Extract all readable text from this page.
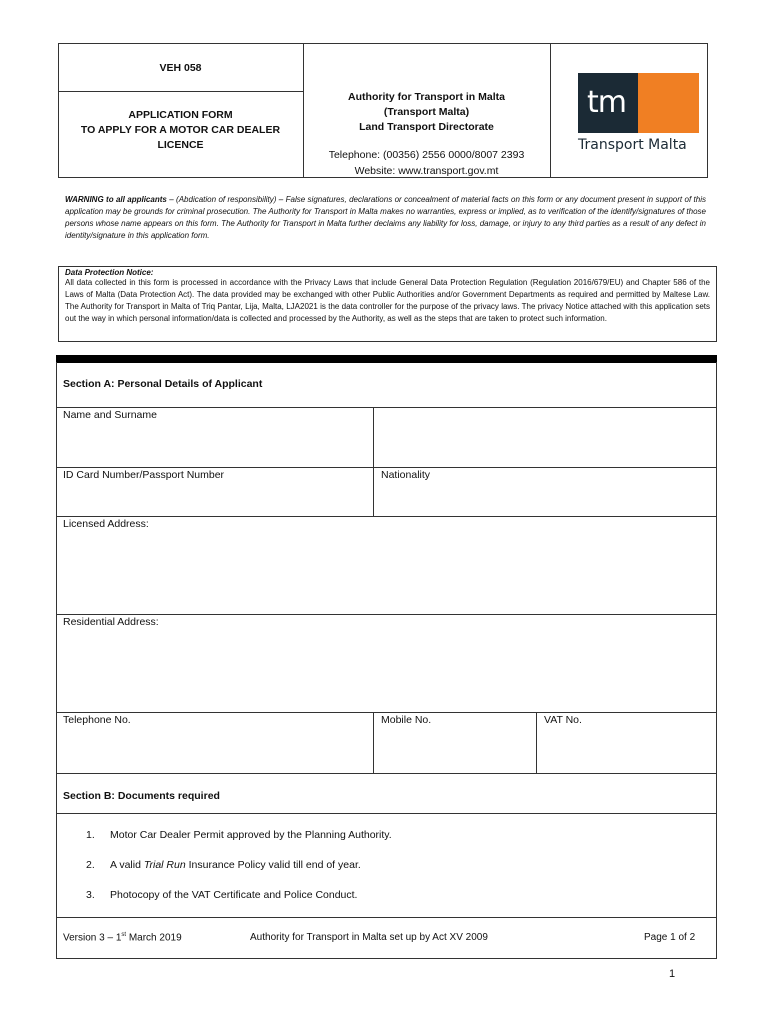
VEH 058
APPLICATION FORM
TO APPLY FOR A MOTOR CAR DEALER
LICENCE
Authority for Transport in Malta
(Transport Malta)
Land Transport Directorate
Telephone: (00356) 2556 0000/8007 2393
Website: www.transport.gov.mt
tm
Transport Malta
WARNING to all applicants – (Abdication of responsibility) – False signatures, declarations or concealment of material facts on this form or any document present in support of this application may be grounds for criminal prosecution. The Authority for Transport in Malta makes no warranties, express or implied, as to verification of the identify/signatures of those persons whose name appears on this form. The Authority for Transport in Malta further declaims any liability for loss, damage, or injury to any third parties as a result of any defect in identity/signature in this application form.
Data Protection Notice:
All data collected in this form is processed in accordance with the Privacy Laws that include General Data Protection Regulation (Regulation 2016/679/EU) and Chapter 586 of the Laws of Malta (Data Protection Act). The data provided may be exchanged with other Public Authorities and/or Government Departments as required and permitted by Maltese Law. The Authority for Transport in Malta of Triq Pantar, Lija, Malta, LJA2021 is the data controller for the purpose of the privacy laws. The privacy Notice attached with this application sets out the way in which personal information/data is collected and processed by the Authority, as well as the steps that are taken to protect such information.
Section A: Personal Details of Applicant
Name and Surname
ID Card Number/Passport Number	Nationality
Licensed Address:
Residential Address:
Telephone No.	Mobile No.	VAT No.
Section B: Documents required
1. Motor Car Dealer Permit approved by the Planning Authority.
2. A valid Trial Run Insurance Policy valid till end of year.
3. Photocopy of the VAT Certificate and Police Conduct.
Version 3 – 1st March 2019	Authority for Transport in Malta set up by Act XV 2009	Page 1 of 2
1
